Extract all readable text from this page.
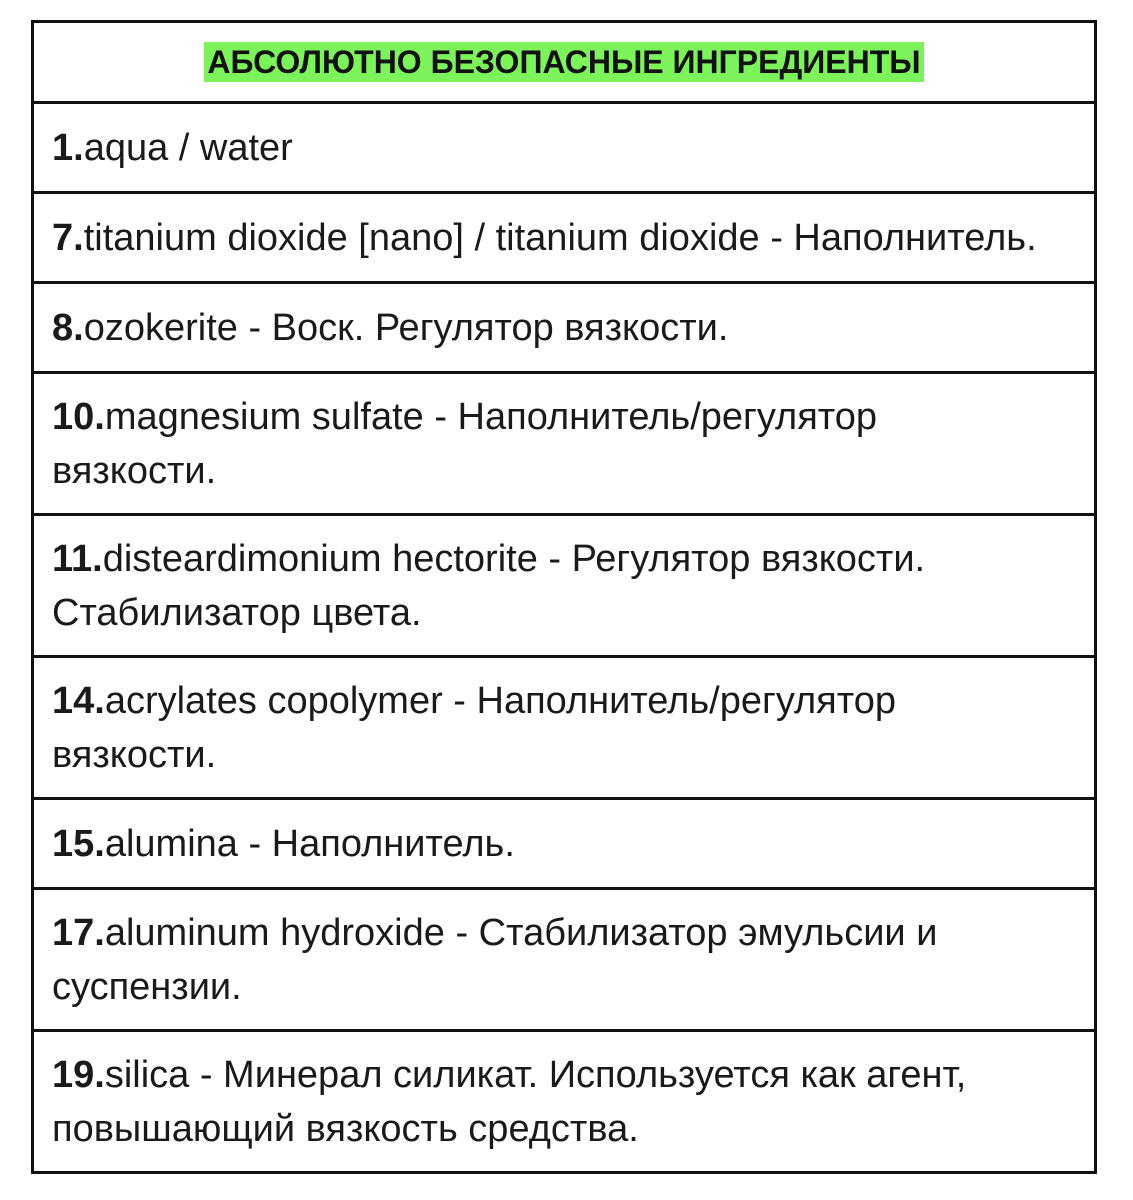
АБСОЛЮТНО БЕЗОПАСНЫЕ ИНГРЕДИЕНТЫ
1.aqua / water
7.titanium dioxide [nano] / titanium dioxide - Наполнитель.
8.ozokerite - Воск. Регулятор вязкости.
10.magnesium sulfate - Наполнитель/регулятор вязкости.
11.disteardimonium hectorite - Регулятор вязкости. Стабилизатор цвета.
14.acrylates copolymer - Наполнитель/регулятор вязкости.
15.alumina - Наполнитель.
17.aluminum hydroxide - Стабилизатор эмульсии и суспензии.
19.silica - Минерал силикат. Используется как агент, повышающий вязкость средства.
